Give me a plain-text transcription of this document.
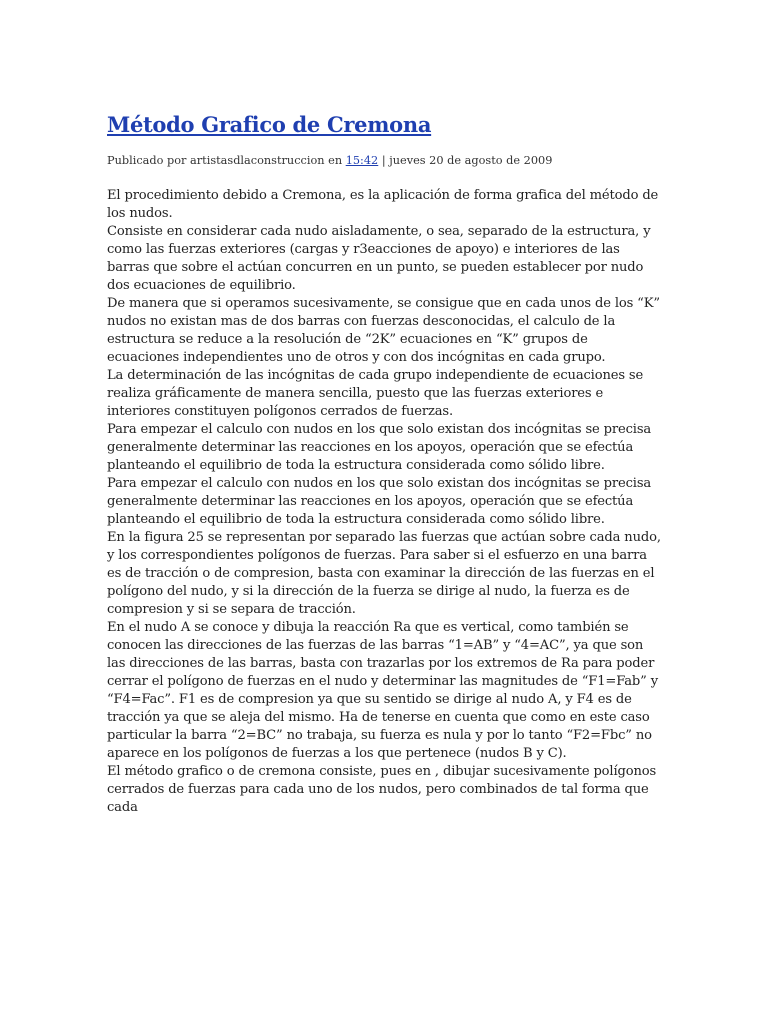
Método Grafico de Cremona
Publicado por artistasdlaconstruccion en 15:42 | jueves 20 de agosto de 2009

El procedimiento debido a Cremona, es la aplicación de forma grafica del método de los nudos.

Consiste en considerar cada nudo aisladamente, o sea, separado de la estructura, y como las fuerzas exteriores (cargas y r3eacciones de apoyo) e interiores de las barras que sobre el actúan concurren en un punto, se pueden establecer por nudo dos ecuaciones de equilibrio.

De manera que si operamos sucesivamente, se consigue que en cada unos de los “K” nudos no existan mas de dos barras con fuerzas desconocidas, el calculo de la estructura se reduce a la resolución de “2K” ecuaciones en “K” grupos de ecuaciones independientes uno de otros y con dos incógnitas en cada grupo.

La determinación de las incógnitas de cada grupo independiente de ecuaciones se realiza gráficamente de manera sencilla, puesto que las fuerzas exteriores e interiores constituyen polígonos cerrados de fuerzas.

Para empezar el calculo con nudos en los que solo existan dos incógnitas se precisa generalmente determinar las reacciones en los apoyos, operación que se efectúa planteando el equilibrio de toda la estructura considerada como sólido libre.

Para empezar el calculo con nudos en los que solo existan dos incógnitas se precisa generalmente determinar las reacciones en los apoyos, operación que se efectúa planteando el equilibrio de toda la estructura considerada como sólido libre.

En la figura 25 se representan por separado las fuerzas que actúan sobre cada nudo, y los correspondientes polígonos de fuerzas. Para saber si el esfuerzo en una barra es de tracción o de compresion, basta con examinar la dirección de las fuerzas en el polígono del nudo, y si la dirección de la fuerza se dirige al nudo, la fuerza es de compresion y si se separa de tracción.

En el nudo A se conoce y dibuja la reacción Ra que es vertical, como también se conocen las direcciones de las fuerzas de las barras “1=AB” y “4=AC”, ya que son las direcciones de las barras, basta con trazarlas por los extremos de Ra para poder cerrar el polígono de fuerzas en el nudo y determinar las magnitudes de “F1=Fab” y “F4=Fac”. F1 es de compresion ya que su sentido se dirige al nudo A, y F4 es de tracción ya que se aleja del mismo. Ha de tenerse en cuenta que como en este caso particular la barra “2=BC” no trabaja, su fuerza es nula y por lo tanto “F2=Fbc” no aparece en los polígonos de fuerzas a los que pertenece (nudos B y C).

El método grafico o de cremona consiste, pues en , dibujar sucesivamente polígonos cerrados de fuerzas para cada uno de los nudos, pero combinados de tal forma que cada
